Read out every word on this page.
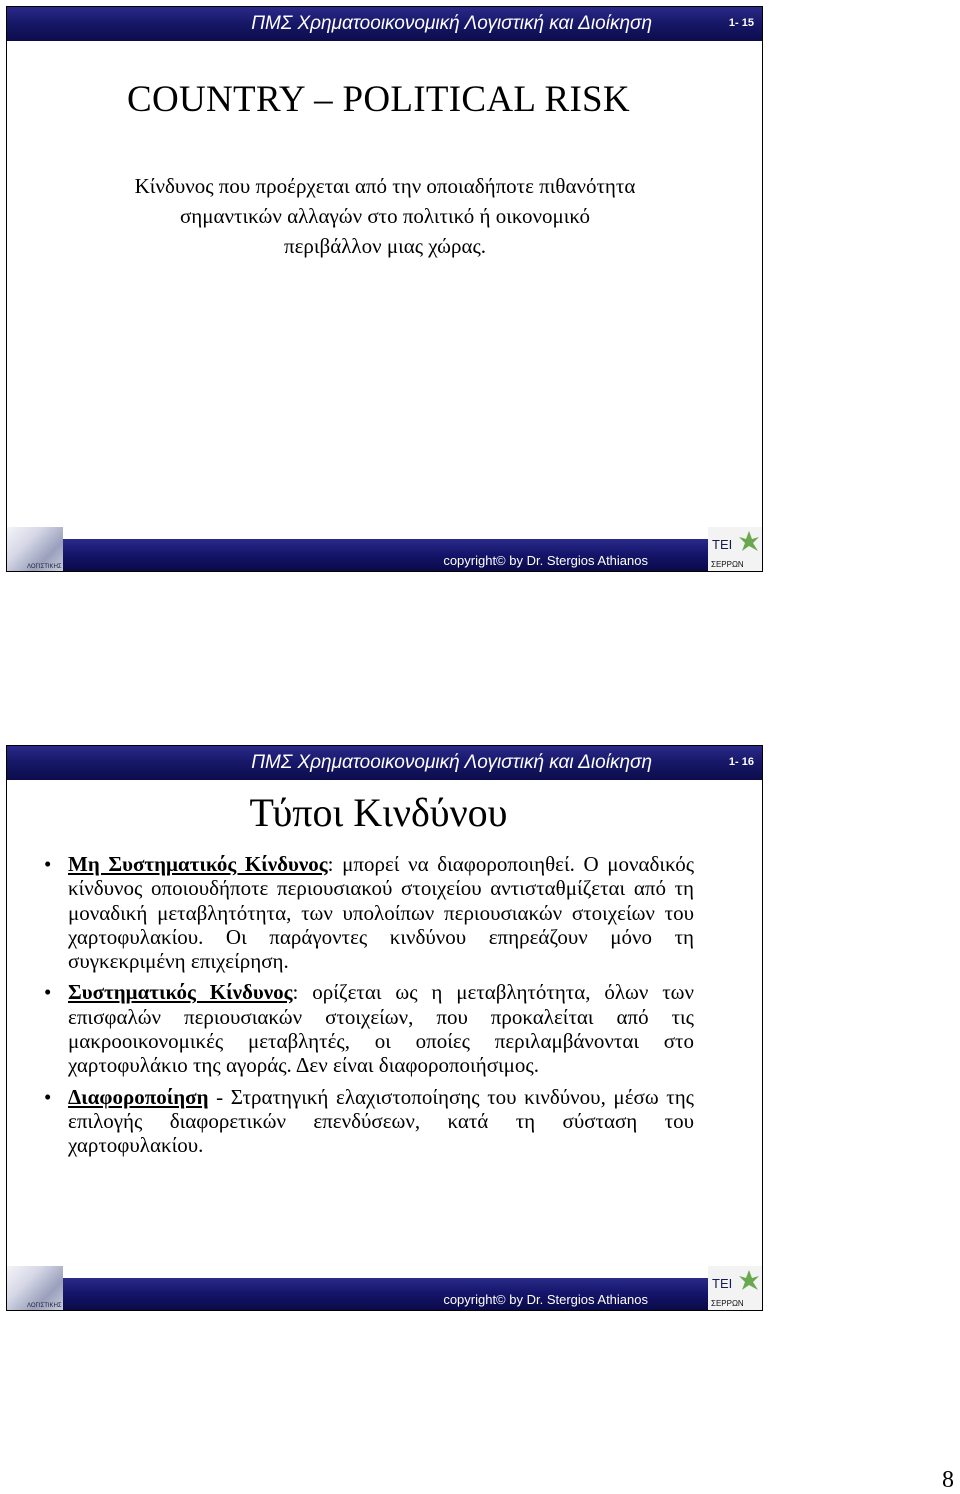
ΠΜΣ Χρηματοοικονομική Λογιστική και Διοίκηση	1- 15
ΛΟΓΙΣΤΙΚΗΣ	copyright© by Dr. Stergios Athianos
TEI
ΣΕΡΡΩΝ
COUNTRY – POLITICAL RISK
Κίνδυνος που προέρχεται από την οποιαδήποτε πιθανότητα
σημαντικών αλλαγών στο πολιτικό ή οικονομικό
περιβάλλον μιας χώρας.
ΠΜΣ Χρηματοοικονομική Λογιστική και Διοίκηση	1- 16
ΛΟΓΙΣΤΙΚΗΣ	copyright© by Dr. Stergios Athianos
TEI
ΣΕΡΡΩΝ
Τύποι Κινδύνου
• Μη Συστηματικός Κίνδυνος: μπορεί να διαφοροποιηθεί. Ο μοναδικός κίνδυνος οποιουδήποτε περιουσιακού στοιχείου αντισταθμίζεται από τη μοναδική μεταβλητότητα, των υπολοίπων περιουσιακών στοιχείων του χαρτοφυλακίου. Οι παράγοντες κινδύνου επηρεάζουν μόνο τη συγκεκριμένη επιχείρηση.
• Συστηματικός Κίνδυνος: ορίζεται ως η μεταβλητότητα, όλων των επισφαλών περιουσιακών στοιχείων, που προκαλείται από τις μακροοικονομικές μεταβλητές, οι οποίες περιλαμβάνονται στο χαρτοφυλάκιο της αγοράς. Δεν είναι διαφοροποιήσιμος.
• Διαφοροποίηση - Στρατηγική ελαχιστοποίησης του κινδύνου, μέσω της επιλογής διαφορετικών επενδύσεων, κατά τη σύσταση του χαρτοφυλακίου.
8
